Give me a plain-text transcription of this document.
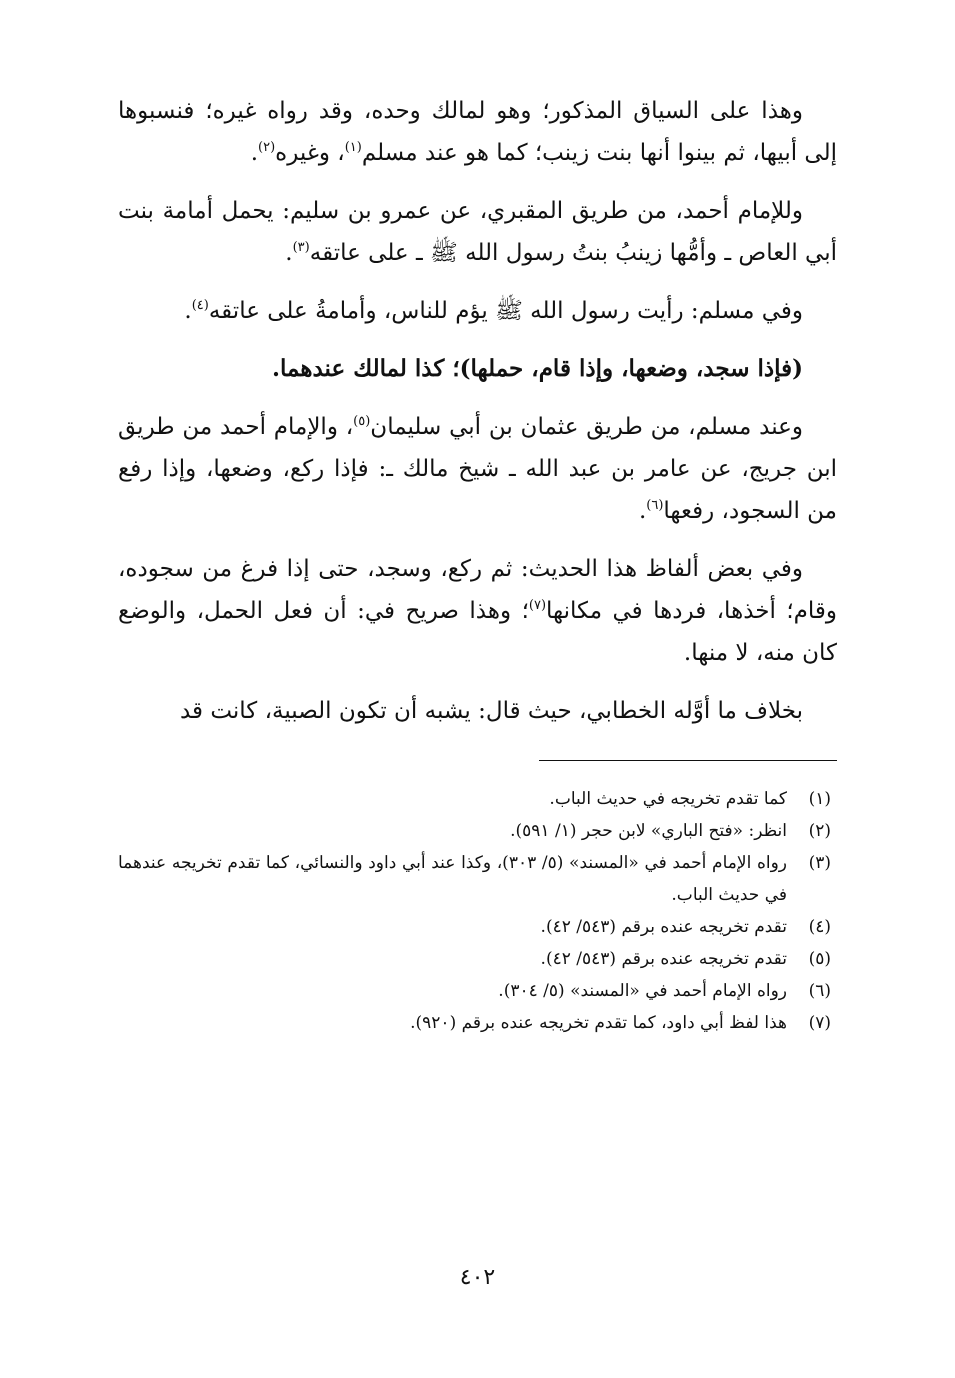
وهذا على السياق المذكور؛ وهو لمالك وحده، وقد رواه غيره؛ فنسبوها إلى أبيها، ثم بينوا أنها بنت زينب؛ كما هو عند مسلم$^{(١)}$، وغيره$^{(٢)}$.

وللإمام أحمد، من طريق المقبري، عن عمرو بن سليم: يحمل أمامة بنت أبي العاص ـ وأمُّها زينبُ بنتُ رسول الله ﷺ ـ على عاتقه$^{(٣)}$.

وفي مسلم: رأيت رسول الله ﷺ يؤم للناس، وأمامةُ على عاتقه$^{(٤)}$.

(فإذا سجد، وضعها، وإذا قام، حملها)؛ كذا لمالك عندهما.

وعند مسلم، من طريق عثمان بن أبي سليمان$^{(٥)}$، والإمام أحمد من طريق ابن جريج، عن عامر بن عبد الله ـ شيخ مالك ـ: فإذا ركع، وضعها، وإذا رفع من السجود، رفعها$^{(٦)}$.

وفي بعض ألفاظ هذا الحديث: ثم ركع، وسجد، حتى إذا فرغ من سجوده، وقام؛ أخذها، فردها في مكانها$^{(٧)}$؛ وهذا صريح في: أن فعل الحمل، والوضع كان منه، لا منها.

بخلاف ما أوَّله الخطابي، حيث قال: يشبه أن تكون الصبية، كانت قد

(١)
كما تقدم تخريجه في حديث الباب.
(٢)
انظر: «فتح الباري» لابن حجر (١/ ٥٩١).
(٣)
رواه الإمام أحمد في «المسند» (٥/ ٣٠٣)، وكذا عند أبي داود والنسائي، كما تقدم تخريجه عندهما في حديث الباب.
(٤)
تقدم تخريجه عنده برقم (٥٤٣/ ٤٢).
(٥)
تقدم تخريجه عنده برقم (٥٤٣/ ٤٢).
(٦)
رواه الإمام أحمد في «المسند» (٥/ ٣٠٤).
(٧)
هذا لفظ أبي داود، كما تقدم تخريجه عنده برقم (٩٢٠).
٤٠٢
